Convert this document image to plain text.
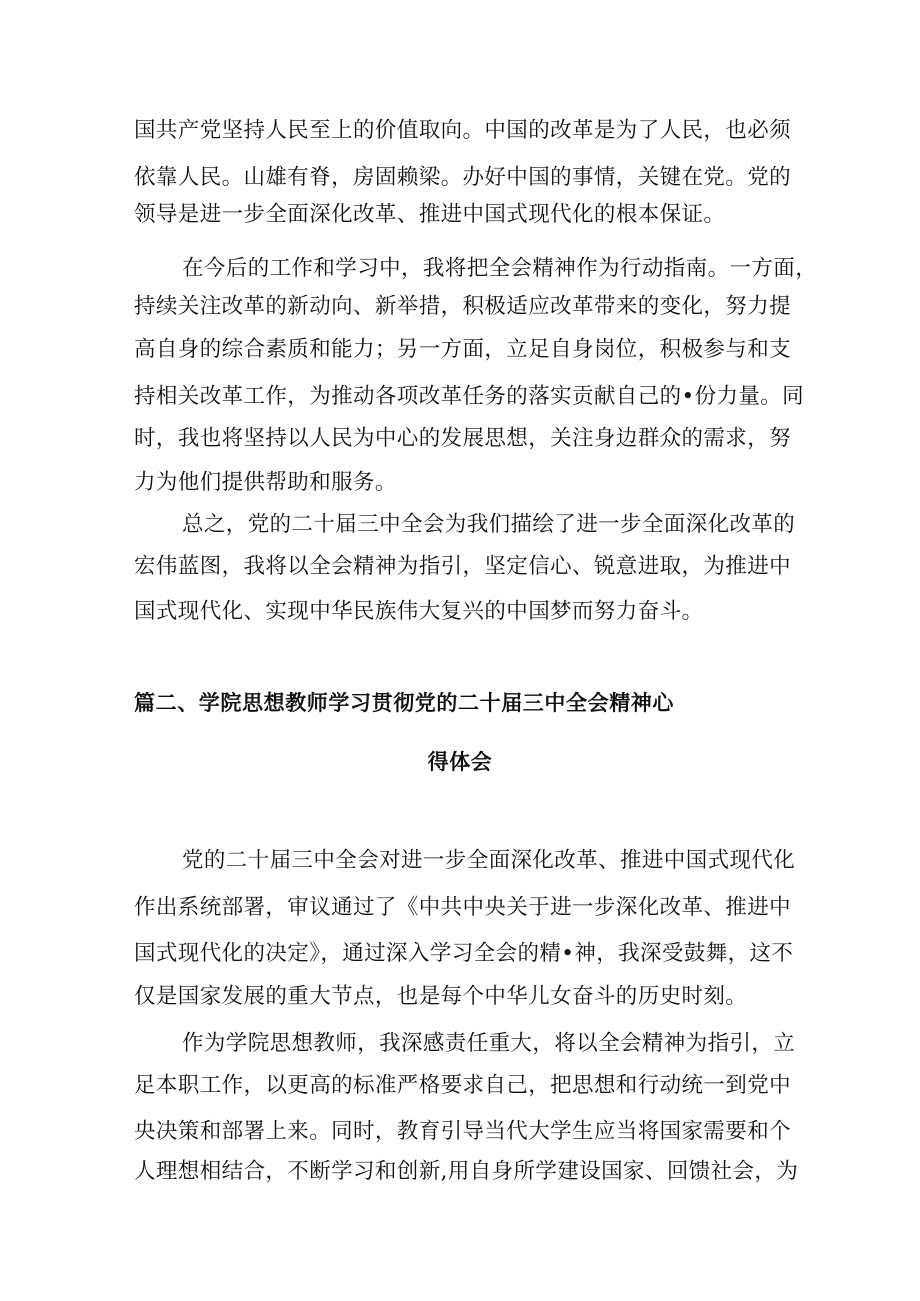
国共产党坚持人民至上的价值取向。中国的改革是为了人民，也必须
依靠人民。山雄有脊，房固赖梁。办好中国的事情，关键在党。党的
领导是进一步全面深化改革、推进中国式现代化的根本保证。
在今后的工作和学习中，我将把全会精神作为行动指南。一方面，
持续关注改革的新动向、新举措，积极适应改革带来的变化，努力提
高自身的综合素质和能力；另一方面，立足自身岗位，积极参与和支
持相关改革工作，为推动各项改革任务的落实贡献自己的•份力量。同
时，我也将坚持以人民为中心的发展思想，关注身边群众的需求，努
力为他们提供帮助和服务。
总之，党的二十届三中全会为我们描绘了进一步全面深化改革的
宏伟蓝图，我将以全会精神为指引，坚定信心、锐意进取，为推进中
国式现代化、实现中华民族伟大复兴的中国梦而努力奋斗。
篇二、学院思想教师学习贯彻党的二十届三中全会精神心
得体会
党的二十届三中全会对进一步全面深化改革、推进中国式现代化
作出系统部署，审议通过了《中共中央关于进一步深化改革、推进中
国式现代化的决定》，通过深入学习全会的精•神，我深受鼓舞，这不
仅是国家发展的重大节点，也是每个中华儿女奋斗的历史时刻。
作为学院思想教师，我深感责任重大，将以全会精神为指引，立
足本职工作，以更高的标准严格要求自己，把思想和行动统一到党中
央决策和部署上来。同时，教育引导当代大学生应当将国家需要和个
人理想相结合，不断学习和创新,用自身所学建设国家、回馈社会，为
